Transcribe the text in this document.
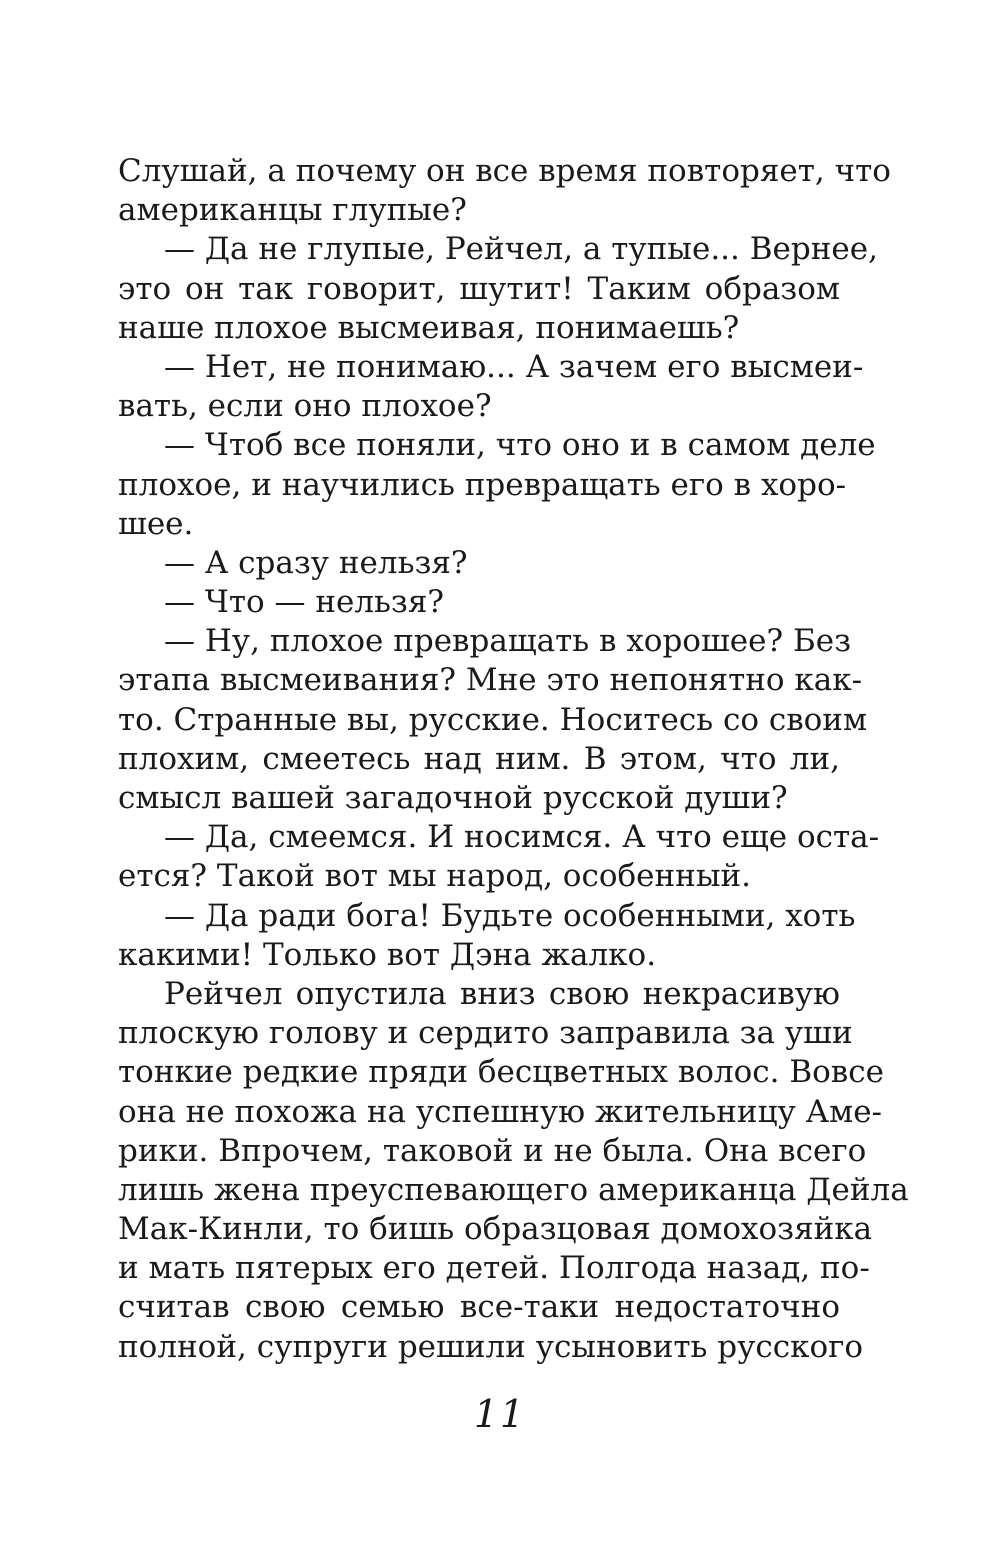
Слушай, а почему он все время повторяет, что
американцы глупые?
— Да не глупые, Рейчел, а тупые... Вернее,
это он так говорит, шутит! Таким образом
наше плохое высмеивая, понимаешь?
— Нет, не понимаю... А зачем его высмеи-
вать, если оно плохое?
— Чтоб все поняли, что оно и в самом деле
плохое, и научились превращать его в хоро-
шее.
— А сразу нельзя?
— Что — нельзя?
— Ну, плохое превращать в хорошее? Без
этапа высмеивания? Мне это непонятно как-
то. Странные вы, русские. Носитесь со своим
плохим, смеетесь над ним. В этом, что ли,
смысл вашей загадочной русской души?
— Да, смеемся. И носимся. А что еще оста-
ется? Такой вот мы народ, особенный.
— Да ради бога! Будьте особенными, хоть
какими! Только вот Дэна жалко.
Рейчел опустила вниз свою некрасивую
плоскую голову и сердито заправила за уши
тонкие редкие пряди бесцветных волос. Вовсе
она не похожа на успешную жительницу Аме-
рики. Впрочем, таковой и не была. Она всего
лишь жена преуспевающего американца Дейла
Мак-Кинли, то бишь образцовая домохозяйка
и мать пятерых его детей. Полгода назад, по-
считав свою семью все-таки недостаточно
полной, супруги решили усыновить русского
11
